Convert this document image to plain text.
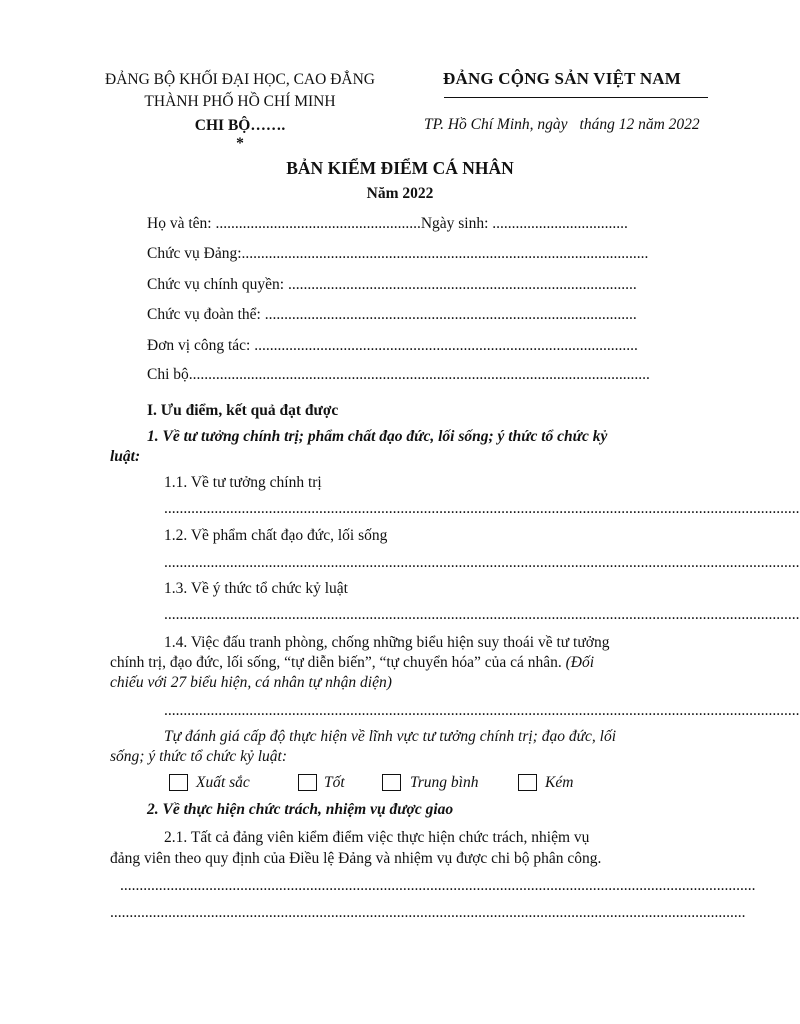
ĐẢNG BỘ KHỐI ĐẠI HỌC, CAO ĐẲNG
THÀNH PHỐ HỒ CHÍ MINH
CHI BỘ…….
*
ĐẢNG CỘNG SẢN VIỆT NAM
TP. Hồ Chí Minh, ngày tháng 12 năm 2022
BẢN KIỂM ĐIỂM CÁ NHÂN
Năm 2022
Họ và tên: .....................................................Ngày sinh: ...................................
Chức vụ Đảng:.........................................................................................................
Chức vụ chính quyền: ..........................................................................................
Chức vụ đoàn thể: ................................................................................................
Đơn vị công tác: ...................................................................................................
Chi bộ.......................................................................................................................
I. Ưu điểm, kết quả đạt được
1. Về tư tưởng chính trị; phẩm chất đạo đức, lối sống; ý thức tổ chức kỷ
luật:
1.1. Về tư tưởng chính trị
....................................................................................................................................................................
1.2. Về phẩm chất đạo đức, lối sống
....................................................................................................................................................................
1.3. Về ý thức tổ chức kỷ luật
....................................................................................................................................................................
1.4. Việc đấu tranh phòng, chống những biểu hiện suy thoái về tư tưởng
chính trị, đạo đức, lối sống, “tự diễn biến”, “tự chuyển hóa” của cá nhân. (Đối
chiếu với 27 biểu hiện, cá nhân tự nhận diện)
....................................................................................................................................................................
Tự đánh giá cấp độ thực hiện về lĩnh vực tư tưởng chính trị; đạo đức, lối
sống; ý thức tổ chức kỷ luật:
Xuất sắc	Tốt	Trung bình	Kém
2. Về thực hiện chức trách, nhiệm vụ được giao
2.1. Tất cả đảng viên kiểm điểm việc thực hiện chức trách, nhiệm vụ
đảng viên theo quy định của Điều lệ Đảng và nhiệm vụ được chi bộ phân công.
....................................................................................................................................................................
....................................................................................................................................................................
